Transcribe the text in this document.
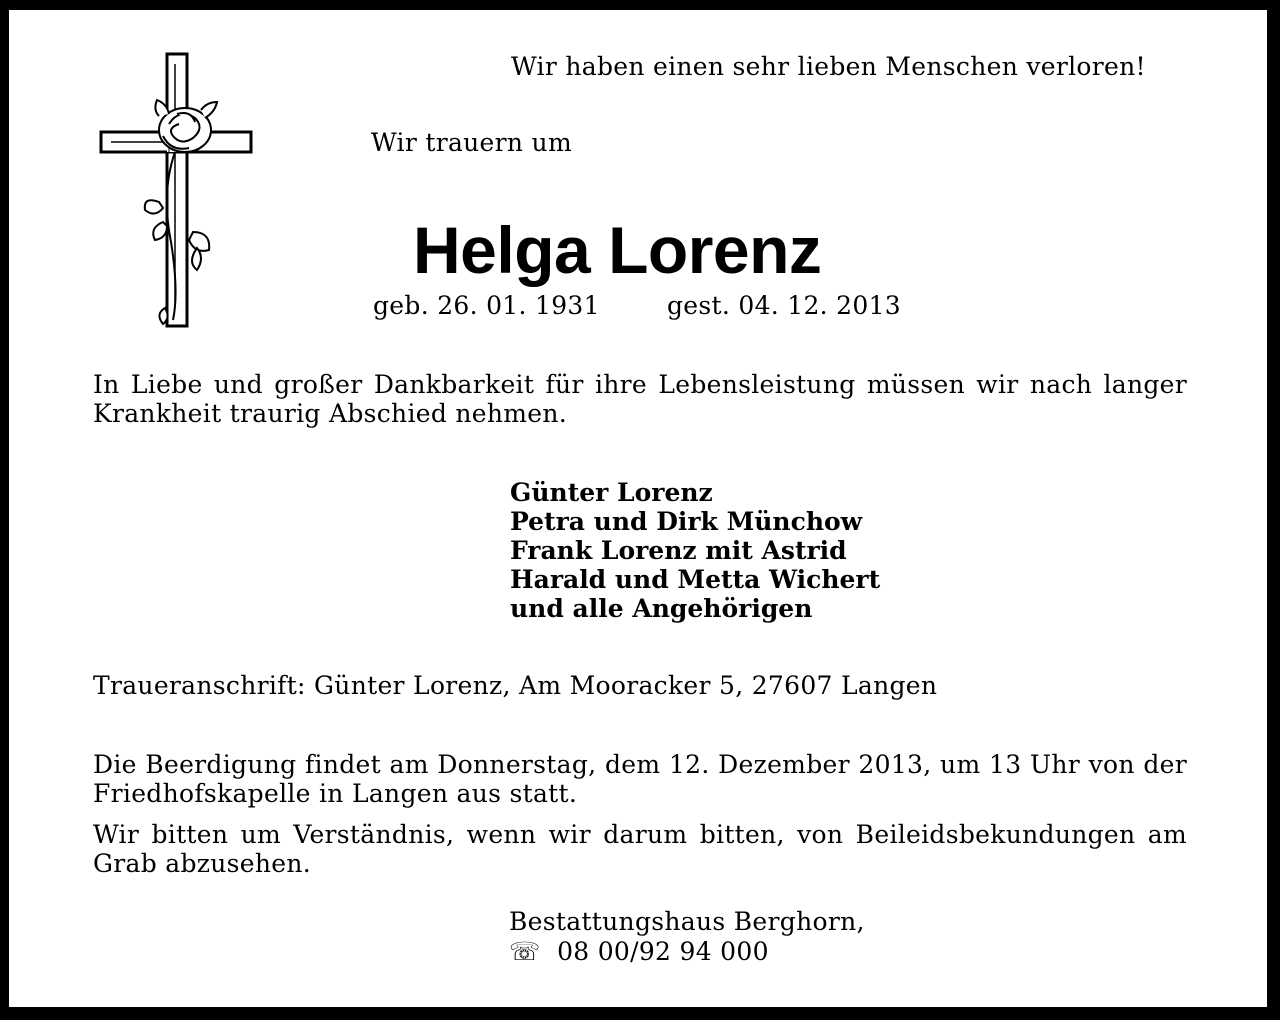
Wir haben einen sehr lieben Menschen verloren!
Wir trauern um
Helga Lorenz
geb. 26. 01. 1931	gest. 04. 12. 2013
In Liebe und großer Dankbarkeit für ihre Lebensleistung müssen wir nach langer Krankheit traurig Abschied nehmen.
Günter Lorenz
Petra und Dirk Münchow
Frank Lorenz mit Astrid
Harald und Metta Wichert
und alle Angehörigen
Traueranschrift: Günter Lorenz, Am Mooracker 5, 27607 Langen
Die Beerdigung findet am Donnerstag, dem 12. Dezember 2013, um 13 Uhr von der Friedhofskapelle in Langen aus statt.
Wir bitten um Verständnis, wenn wir darum bitten, von Beileidsbekundungen am Grab abzusehen.
Bestattungshaus Berghorn,
☏ 08 00/92 94 000
